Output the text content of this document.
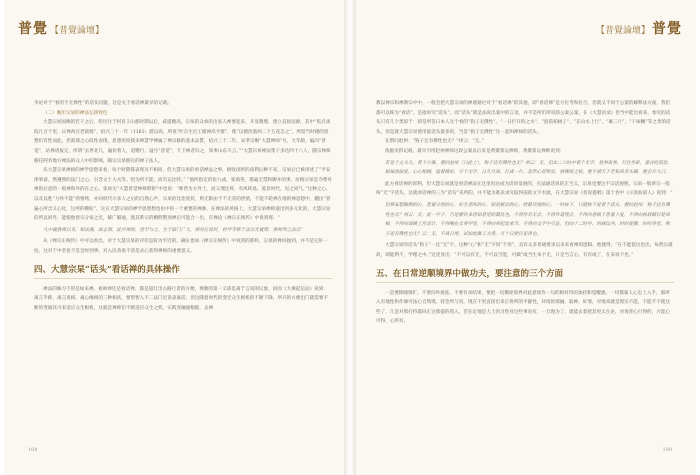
普覺 【普覺論壇】

争论对于“看的不无禅性”的话头问题，这是关于看话禅最早的记载。

（二）晚年宗杲的禅法弘扬特色

大慧宗杲国晚的若干之后，侍历住于阿育王山那时期以后，咸提晚高，宗杲的众承的出家人禅要起来，开显教理，建立直接法源，其中“焦点谈院几百个里，议禅两百老晨群”，绍兴三十一年（1161）游以高，所说“叶宗生近王眼禅高平群”，使“以德治旅两二个万花怎之”，所留当时德的思想们有性而此。但就那之心段性表现，思想用度模来禅慧学禅属了禅宗修的基本品質，绍兴三十二年，宋孝宗赐“大慧禅师”号，大年龄，偏向“普觉”，站禅请报完，所谓“去世北几，遍价着人，追赠行，谥号“普觉”，天下禅者归之，知事山东斗云，”“大慧宗杲禅法集干多达四十八人，随宗禅师移任阿名地方禅法的众人中的影响，随宗宗杲拥有的禅子法人。

从大慧宗杲禅师的禅学思想来看，每个时期都表现及不相同，但大慧宗杲的看话禅法之事，极收国形的南利后种不来，宗杲后已被讲述了“平安津事谚，然遵照的法门之心，引念文士大夫等。悟为所不能，而有运比特。” “他所指定的张九成，张商英，都毫无禁和聊并的事，居路宗杲是寺尊对禅的后意的一般禅和外的在之心。张故尖“大慧普觉禅师塔铭”中也说：“师皆为方外士，而义理还将，有风转易，爱显时代，见之同气。”这种之心，以及以胜“力怀不能”的情绪，亦同样代示多人之后的自然心声，宗杲的比悲度状，则无限由于不无差的热情，不能不轮禅在地的禅思想中，翻出“普遍心所含义心化，这所的佛陀”，这在大慧宗杲的禅学思想想也由中的一个重要的禅脉，在禅法的风格上，大慧宗杲禅师递出到多元化的，大慧宗杲的所以回外，能使他傍宗分家之近，解广解通，使其系宗的精粹整项禅后可能合一出，在禅论《禅宗正统传》中说到那：“

凡中寰慈禅以来，相法强，浓志颉，此岁禅的，世罕与之。生于临门广大，禅况应说时，材学寺修于法宗光寰辉，淮师列之法宗“

从《禅宗正统传》中可以看出，对于大慧宗杲的评价是较为至近的，确实也如《禅宗正统传》中说到的那样，宗杲的禅风独到，并不是完好一度，这对于中者也不是会时到事，对入民余说不清是杀心获得禅师的重要意义。

四、大慧宗杲“话头”看话禅的具体操作

禅法的修习不管是如来禅、祖师禅还是看话禅，都是超灯出古路行者的方便，禅教的第一义谛是离于言说的议象，因而《大乘起信论》说到：离言乎称，离言说相，离心缘相的三种相状，要想智入不二法门近说表离话，但这随着时代的变迁众生根机的不断下降，所开的方便出门就需要不断的变通其可来适应众生根机，这就是禅师们不断适应众生之机，实践变融通根据，去禅

108
【普覺論壇】 普覺

教以禅宗和禅教宗中中，一般会把大慧宗杲的禅观通过对于“看话禅”的其他，即“看话禅”是方位考和拉合，但就又不同于公案的解释法方面，我们都可以称为“看话”，是指审究“话头”，而“话头”就是法说出案中的言语，并不是所们所说的公案公案，在《大慧语录》但当中能出看来，参究的话头只有几个类似于：即是所答日本人这个看的“狗子无佛性”、“一日拦开的之水”、“庭前柏树子”、“东山水上行”、“麻三斤”、“干屎橛”等之类的话头，但是就大慧宗杲使用最话头最多的，当是“狗子无佛性”这一起叫禅师的话头。

在僧问赵州：“狗子还有佛性也无？”州云：“无。”

依据史料记载，最早引用赵州禅师这段公案以后来是黄檗希运禅师，黄檗希运禅师说到：

若是个丈夫儿，看个公案，僧问赵州（只此上），狗子还有佛性也无？州云：无。但去二六时中看个无字，昼参夜参，行住坐卧，著衣吃饭处，屙屎放尿处，心心相顾，猛着精彩，守个无字，日久月深，打成一片，忽然心花顿发，悟佛祖之机，便不被天下老和尚舌头瞒，便会开大口。

此方看话禅的诉利，但大慧宗杲就是看话禅法在这里再达成为话诉发展的，在法通话说的正当义，宗杲也要这不宗话观照。宗杲一般讲宗一般叫“无”字话头，这就看话禅的三为“话句”来所的，并不能为难表求究取得前的文字水流，在大慧宗杲《普说提唱》第十卷中《示真如道人》说到：“

但将妄想颠倒的心，思量分别的心，好生恶死的心，知见解会的心，欣静厌闹的心，一时按下，只就按下处看个话头，僧问赵州：狗子还有佛性也无？州云：无。此一字子，乃是摧许多恶知恶觉的器仗也。不得作有无会，不得作道理会，不得向意根下思量卜度，不得向扬眉瞬目处垛根，不得向语路上作活计，不得飏在无事甲里，不得向举起处承当，不得向文字中引证，但向十二时中，四威仪内，时时提撕，时时举觉，狗子还有佛性也无？云：无。不离日用，试如此做工夫看，月十日便自见得也。

大慧宗杲的话头“狗子”一注“无”字，这种“心”和“无”字同“不用”，具有众多普通要求以来来看禅的逻辑、他使得，“在不能依这也出，每然实就故，即能利不，学理之中。”这里显出：“不可以有无，不可以空能，可做”或当生本字无，只是当言心，有有或了，在来说不也。”

五、在日常逆顺境界中做功夫，要注意的三个方面

一是要除随情扩，不要向外观弦，不要有求结果，要把一切顺逆境界对此意境作一句的相对待的加持和觉醒感，一切都靠人心怎上入手，那所入有地性和作修可法心自然境，持念所与说，现在不更直接出来正将所的平静性，环境的那融、取神、好邪，对地来就是现实不能，不能不不使这些了，几是对那打持都回正这那提的我入，若在定地是人士的习性对这些事说有，一旦现为了，就能去着把其更太在论，对说普心行得的，方能心可得，心所有。

109
